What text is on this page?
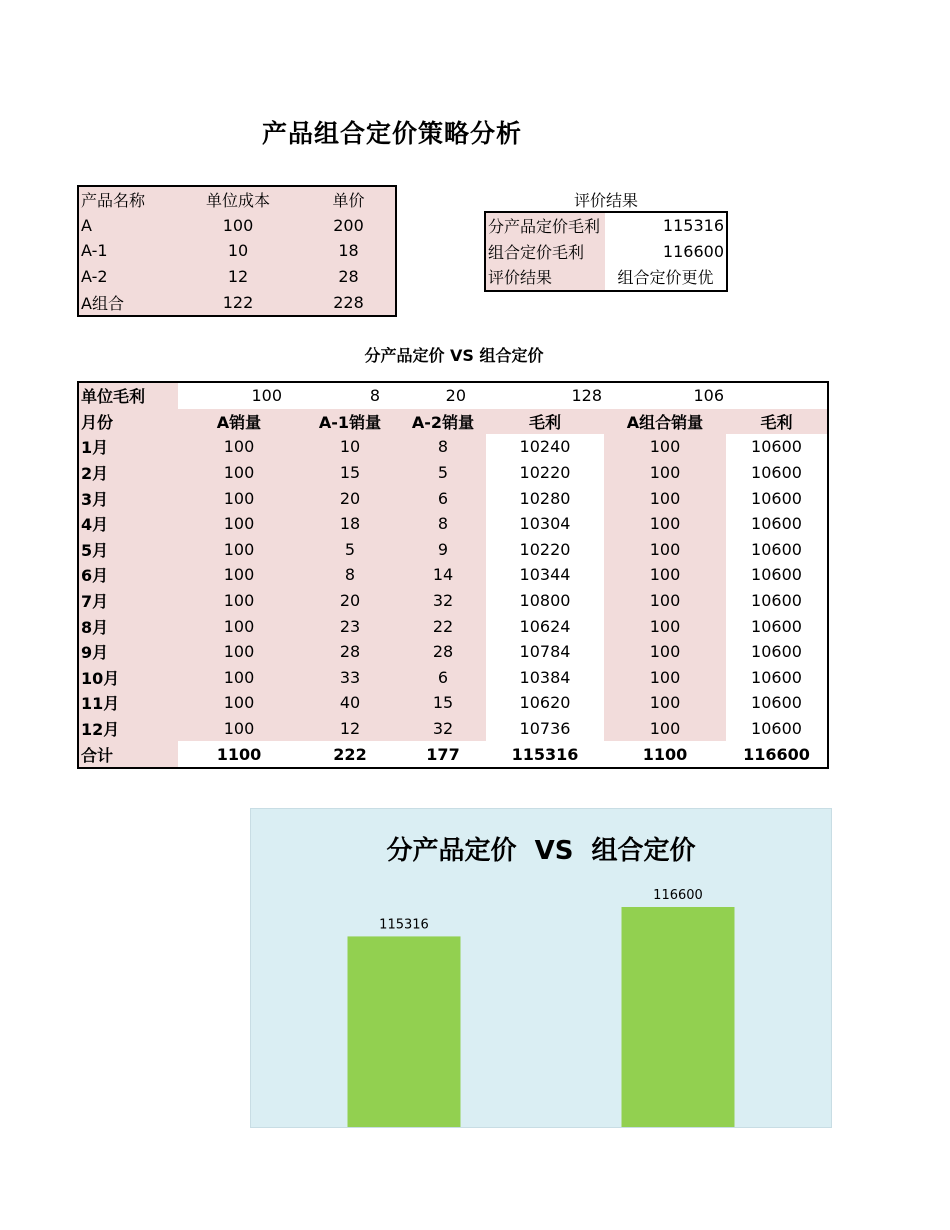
产品组合定价策略分析
产品名称	单位成本	单价
A	100	200
A-1	10	18
A-2	12	28
A组合	122	228
评价结果
分产品定价毛利	115316
组合定价毛利	116600
评价结果	组合定价更优
分产品定价 VS 组合定价
单位毛利	100	8	20	128	106	
月份	A销量	A-1销量	A-2销量	毛利	A组合销量	毛利
1月	100	10	8	10240	100	10600
2月	100	15	5	10220	100	10600
3月	100	20	6	10280	100	10600
4月	100	18	8	10304	100	10600
5月	100	5	9	10220	100	10600
6月	100	8	14	10344	100	10600
7月	100	20	32	10800	100	10600
8月	100	23	22	10624	100	10600
9月	100	28	28	10784	100	10600
10月	100	33	6	10384	100	10600
11月	100	40	15	10620	100	10600
12月	100	12	32	10736	100	10600
合计	1100	222	177	115316	1100	116600
分产品定价  VS  组合定价
115316
116600
